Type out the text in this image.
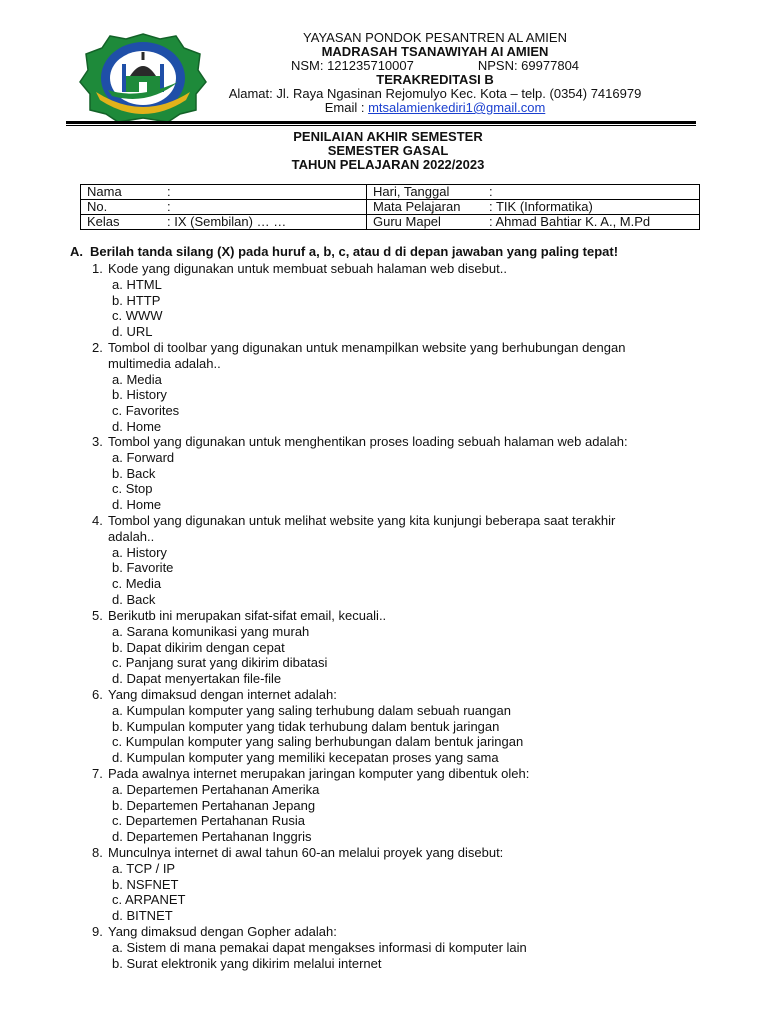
YAYASAN PONDOK PESANTREN AL AMIEN
MADRASAH TSANAWIYAH AI AMIEN
NSM: 121235710007	NPSN: 69977804
TERAKREDITASI B
Alamat: Jl. Raya Ngasinan Rejomulyo Kec. Kota – telp. (0354) 7416979
Email : mtsalamienkediri1@gmail.com
PENILAIAN AKHIR SEMESTER
SEMESTER GASAL
TAHUN PELAJARAN 2022/2023
Nama :	Hari, Tanggal :
No. :	Mata Pelajaran : TIK (Informatika)
Kelas : IX (Sembilan) … …	Guru Mapel : Ahmad Bahtiar K. A., M.Pd
A. Berilah tanda silang (X) pada huruf a, b, c, atau d di depan jawaban yang paling tepat!
1. Kode yang digunakan untuk membuat sebuah halaman web disebut..
a. HTML
b. HTTP
c. WWW
d. URL
2. Tombol di toolbar yang digunakan untuk menampilkan website yang berhubungan dengan
multimedia adalah..
a. Media
b. History
c. Favorites
d. Home
3. Tombol yang digunakan untuk menghentikan proses loading sebuah halaman web adalah:
a. Forward
b. Back
c. Stop
d. Home
4. Tombol yang digunakan untuk melihat website yang kita kunjungi beberapa saat terakhir
adalah..
a. History
b. Favorite
c. Media
d. Back
5. Berikutb ini merupakan sifat-sifat email, kecuali..
a. Sarana komunikasi yang murah
b. Dapat dikirim dengan cepat
c. Panjang surat yang dikirim dibatasi
d. Dapat menyertakan file-file
6. Yang dimaksud dengan internet adalah:
a. Kumpulan komputer yang saling terhubung dalam sebuah ruangan
b. Kumpulan komputer yang tidak terhubung dalam bentuk jaringan
c. Kumpulan komputer yang saling berhubungan dalam bentuk jaringan
d. Kumpulan komputer yang memiliki kecepatan proses yang sama
7. Pada awalnya internet merupakan jaringan komputer yang dibentuk oleh:
a. Departemen Pertahanan Amerika
b. Departemen Pertahanan Jepang
c. Departemen Pertahanan Rusia
d. Departemen Pertahanan Inggris
8. Munculnya internet di awal tahun 60-an melalui proyek yang disebut:
a. TCP / IP
b. NSFNET
c. ARPANET
d. BITNET
9. Yang dimaksud dengan Gopher adalah:
a. Sistem di mana pemakai dapat mengakses informasi di komputer lain
b. Surat elektronik yang dikirim melalui internet
